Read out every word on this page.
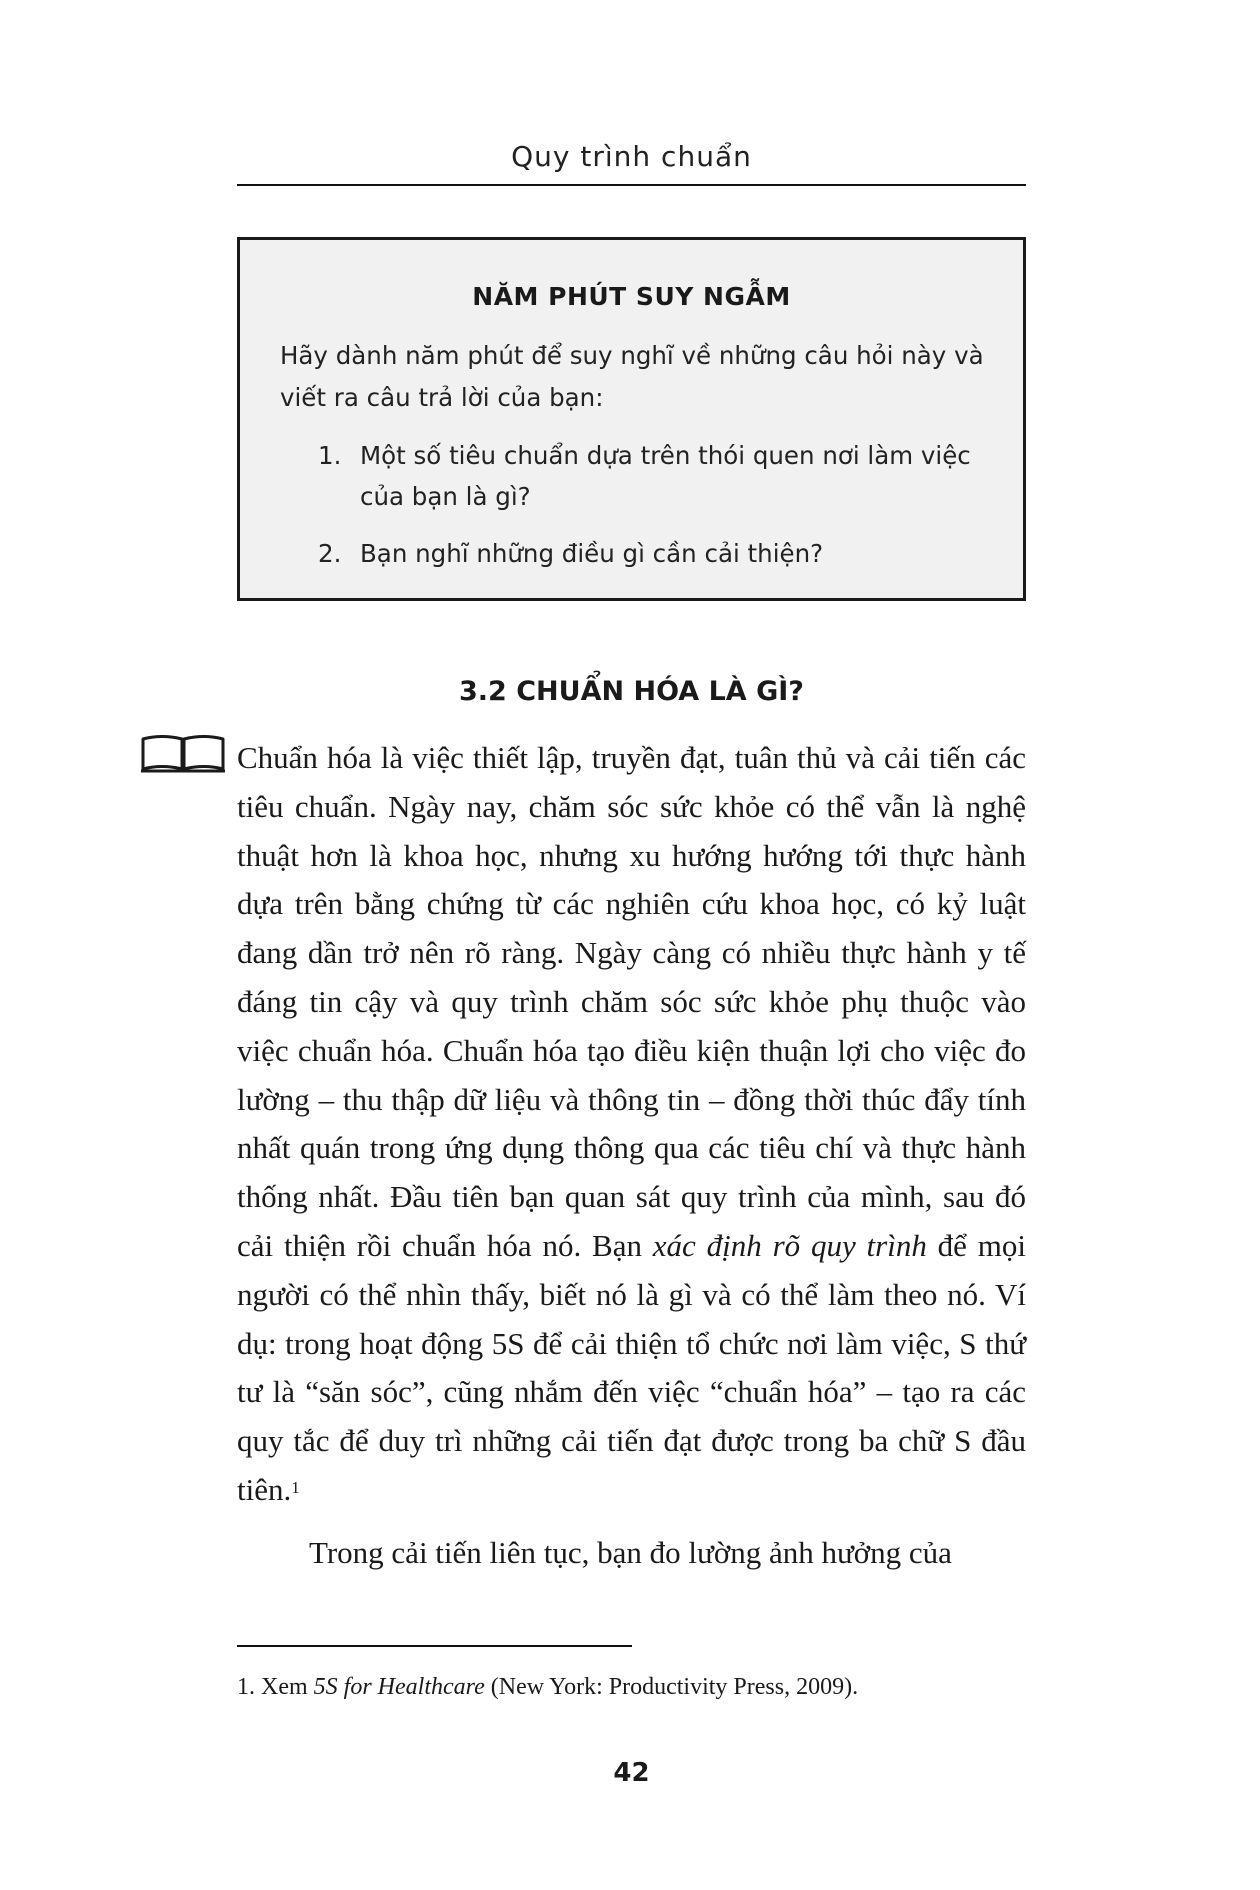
Quy trình chuẩn
NĂM PHÚT SUY NGẪM
Hãy dành năm phút để suy nghĩ về những câu hỏi này và viết ra câu trả lời của bạn:
1. Một số tiêu chuẩn dựa trên thói quen nơi làm việc của bạn là gì?
2. Bạn nghĩ những điều gì cần cải thiện?
3.2 CHUẨN HÓA LÀ GÌ?

Chuẩn hóa là việc thiết lập, truyền đạt, tuân thủ và cải tiến các tiêu chuẩn. Ngày nay, chăm sóc sức khỏe có thể vẫn là nghệ thuật hơn là khoa học, nhưng xu hướng hướng tới thực hành dựa trên bằng chứng từ các nghiên cứu khoa học, có kỷ luật đang dần trở nên rõ ràng. Ngày càng có nhiều thực hành y tế đáng tin cậy và quy trình chăm sóc sức khỏe phụ thuộc vào việc chuẩn hóa. Chuẩn hóa tạo điều kiện thuận lợi cho việc đo lường – thu thập dữ liệu và thông tin – đồng thời thúc đẩy tính nhất quán trong ứng dụng thông qua các tiêu chí và thực hành thống nhất. Đầu tiên bạn quan sát quy trình của mình, sau đó cải thiện rồi chuẩn hóa nó. Bạn xác định rõ quy trình để mọi người có thể nhìn thấy, biết nó là gì và có thể làm theo nó. Ví dụ: trong hoạt động 5S để cải thiện tổ chức nơi làm việc, S thứ tư là “săn sóc”, cũng nhắm đến việc “chuẩn hóa” – tạo ra các quy tắc để duy trì những cải tiến đạt được trong ba chữ S đầu tiên.$^1$

Trong cải tiến liên tục, bạn đo lường ảnh hưởng của

1. Xem 5S for Healthcare (New York: Productivity Press, 2009).
42
